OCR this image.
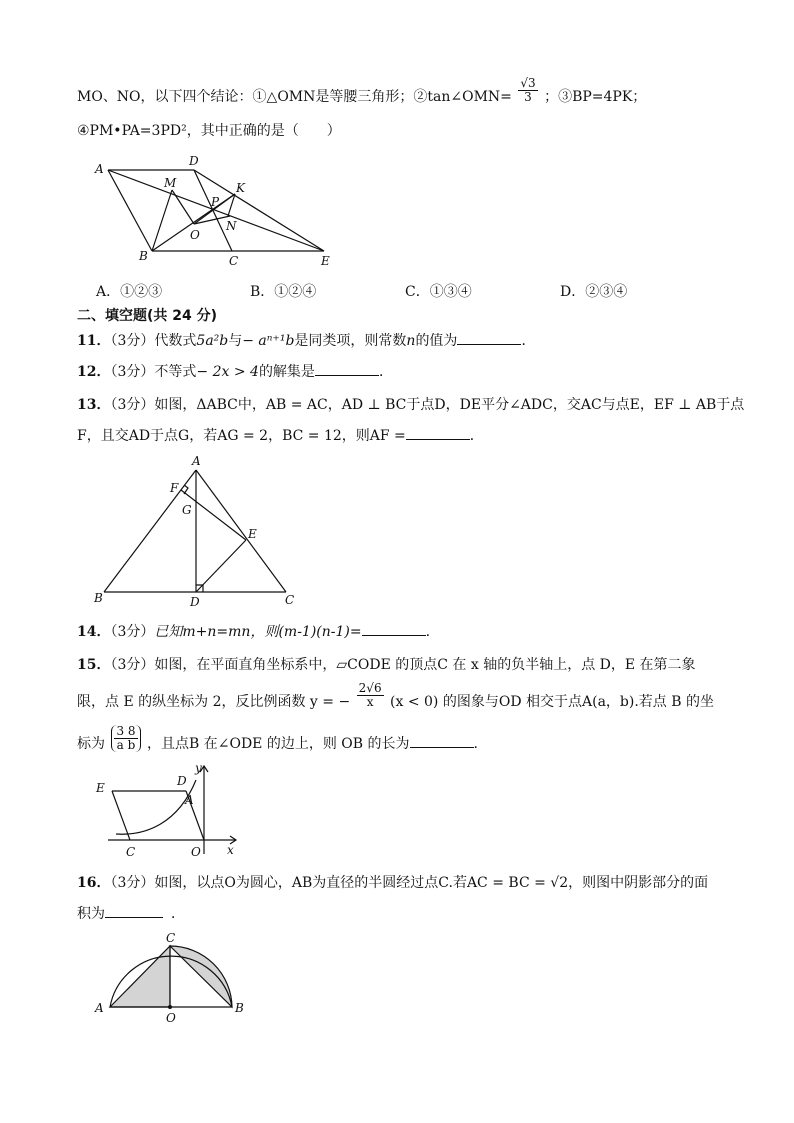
MO、NO，以下四个结论：①△OMN是等腰三角形；②tan∠OMN= $\frac{√3}{3}$ ；③BP=4PK；
④PM•PA=3PD²，其中正确的是（　　）
A
D
M	K
P
O
N
B	C	E
A．①②③	B．①②④	C．①③④	D．②③④
二、填空题(共 24 分)
11．（3分）代数式5a²b与− aⁿ⁺¹b是同类项，则常数n的值为	．
12．（3分）不等式− 2x > 4的解集是	．
13．（3分）如图，ΔABC中，AB = AC，AD ⊥ BC于点D，DE平分∠ADC，交AC与点E，EF ⊥ AB于点
F，且交AD于点G，若AG = 2，BC = 12，则AF =	．
A
F
G
E
B	D	C
14．（3分）已知m+n=mn，则(m-1)(n-1)=	.
15．（3分）如图，在平面直角坐标系中，▱CODE 的顶点C 在 x 轴的负半轴上，点 D，E 在第二象
限，点 E 的纵坐标为 2，反比例函数 y = − $\frac{2√6}{x} (x < 0)$ 的图象与OD 相交于点A(a，b).若点 B 的坐
标为 $\frac{3 8}{\text{a b}}$ ，且点B 在∠ODE 的边上，则 OB 的长为	.
E	D
y
A
C	O x
16．（3分）如图，以点O为圆心，AB为直径的半圆经过点C.若AC = BC = √2，则图中阴影部分的面
积为	．
C
A
O
B
